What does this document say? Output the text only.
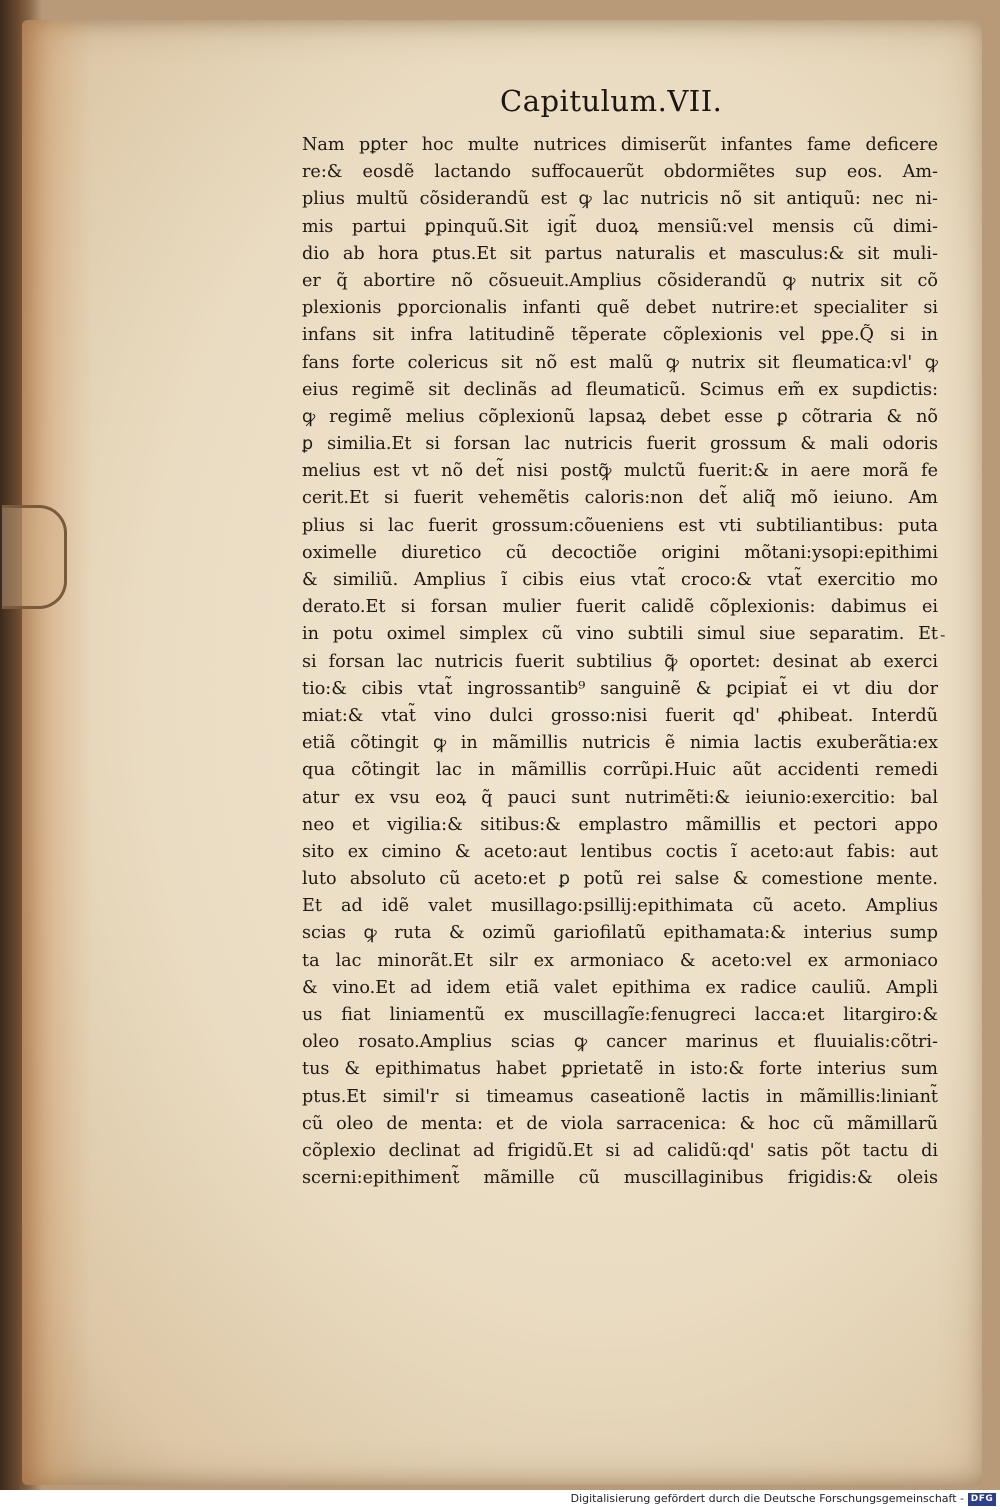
Capitulum.VII.
Nam pꝑter hoc multe nutrices dimiserũt infantes fame deficere
re:& eosdẽ lactando suffocauerũt obdormiẽtes sup eos. Am-
plius multũ cõsiderandũ est ꝙ lac nutricis nõ sit antiquũ: nec ni-
mis partui ꝑpinquũ.Sit igit̃ duoꝝ mensiũ:vel mensis cũ dimi-
dio ab hora ꝑtus.Et sit partus naturalis et masculus:& sit muli-
er q̃ abortire nõ cõsueuit.Amplius cõsiderandũ ꝙ nutrix sit cõ
plexionis ꝑporcionalis infanti quẽ debet nutrire:et specialiter si
infans sit infra latitudinẽ tẽperate cõplexionis vel ꝑpe.Q̃ si in
fans forte colericus sit nõ est malũ ꝙ nutrix sit fleumatica:vl' ꝙ
eius regimẽ sit declinãs ad fleumaticũ. Scimus em̃ ex supdictis:
ꝙ regimẽ melius cõplexionũ lapsaꝝ debet esse ꝑ cõtraria & nõ
ꝑ similia.Et si forsan lac nutricis fuerit grossum & mali odoris
melius est vt nõ det̃ nisi postꝙ̃ mulctũ fuerit:& in aere morã fe
cerit.Et si fuerit vehemẽtis caloris:non det̃ aliq̃ mõ ieiuno. Am
plius si lac fuerit grossum:cõueniens est vti subtiliantibus: puta
oximelle diuretico cũ decoctiõe origini mõtani:ysopi:epithimi
& similiũ. Amplius ĩ cibis eius vtat̃ croco:& vtat̃ exercitio mo
derato.Et si forsan mulier fuerit calidẽ cõplexionis: dabimus ei
in potu oximel simplex cũ vino subtili simul siue separatim. Et
si forsan lac nutricis fuerit subtilius ꝙ̃ oportet: desinat ab exerci
tio:& cibis vtat̃ ingrossantib⁹ sanguinẽ & ꝑcipiat̃ ei vt diu dor
miat:& vtat̃ vino dulci grosso:nisi fuerit qd' ꝓhibeat. Interdũ
etiã cõtingit ꝙ in mãmillis nutricis ẽ nimia lactis exuberãtia:ex
qua cõtingit lac in mãmillis corrũpi.Huic aũt accidenti remedi
atur ex vsu eoꝝ q̃ pauci sunt nutrimẽti:& ieiunio:exercitio: bal
neo et vigilia:& sitibus:& emplastro mãmillis et pectori appo
sito ex cimino & aceto:aut lentibus coctis ĩ aceto:aut fabis: aut
luto absoluto cũ aceto:et ꝑ potũ rei salse & comestione mente.
Et ad idẽ valet musillago:psillij:epithimata cũ aceto. Amplius
scias ꝙ ruta & ozimũ gariofilatũ epithamata:& interius sump
ta lac minorãt.Et silr ex armoniaco & aceto:vel ex armoniaco
& vino.Et ad idem etiã valet epithima ex radice cauliũ. Ampli
us fiat liniamentũ ex muscillagĩe:fenugreci lacca:et litargiro:&
oleo rosato.Amplius scias ꝙ cancer marinus et fluuialis:cõtri-
tus & epithimatus habet ꝑprietatẽ in isto:& forte interius sum
ptus.Et simil'r si timeamus caseationẽ lactis in mãmillis:liniant̃
cũ oleo de menta: et de viola sarracenica: & hoc cũ mãmillarũ
cõplexio declinat ad frigidũ.Et si ad calidũ:qd' satis põt tactu di
scerni:epithiment̃ mãmille cũ muscillaginibus frigidis:& oleis
-
Digitalisierung gefördert durch die Deutsche Forschungsgemeinschaft - DFG
